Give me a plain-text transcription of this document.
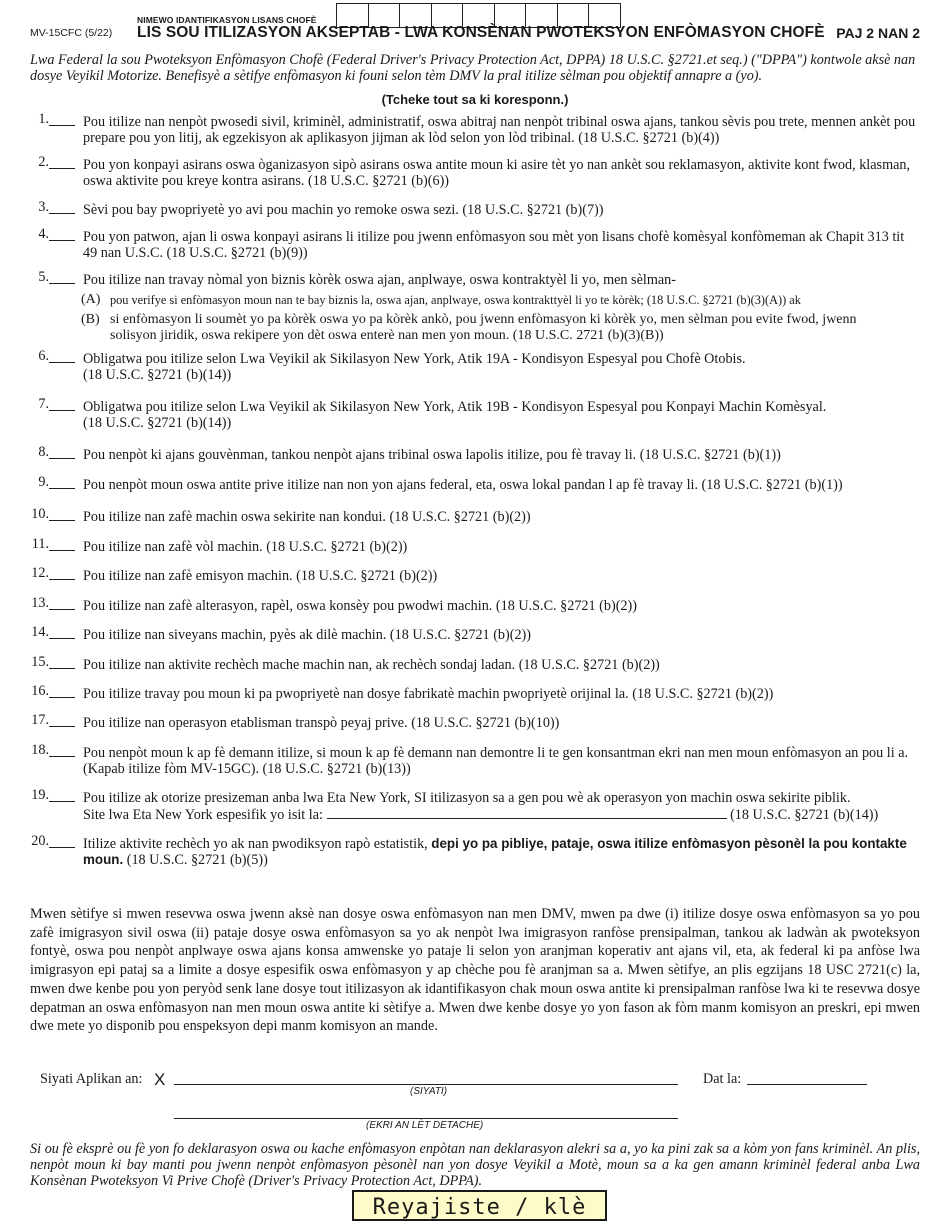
MV-15CFC (5/22)
NIMEWO IDANTIFIKASYON LISANS CHOFÈ
LIS SOU ITILIZASYON AKSEPTAB - LWA KONSÈNAN PWOTEKSYON ENFÒMASYON CHOFÈ PAJ 2 NAN 2
Lwa Federal la sou Pwoteksyon Enfòmasyon Chofè (Federal Driver's Privacy Protection Act, DPPA) 18 U.S.C. §2721.et seq.) ("DPPA") kontwole aksè nan dosye Veyikil Motorize. Benefisyè a sètifye enfòmasyon ki founi selon tèm DMV la pral itilize sèlman pou objektif annapre a (yo).
(Tcheke tout sa ki koresponn.)
1. Pou itilize nan nenpòt pwosedi sivil, kriminèl, administratif, oswa abitraj nan nenpòt tribinal oswa ajans, tankou sèvis pou trete, mennen ankèt pou prepare pou yon litij, ak egzekisyon ak aplikasyon jijman ak lòd selon yon lòd tribinal. (18 U.S.C. §2721 (b)(4))
2. Pou yon konpayi asirans oswa òganizasyon sipò asirans oswa antite moun ki asire tèt yo nan ankèt sou reklamasyon, aktivite kont fwod, klasman, oswa aktivite pou kreye kontra asirans. (18 U.S.C. §2721 (b)(6))
3. Sèvi pou bay pwopriyetè yo avi pou machin yo remoke oswa sezi. (18 U.S.C. §2721 (b)(7))
4. Pou yon patwon, ajan li oswa konpayi asirans li itilize pou jwenn enfòmasyon sou mèt yon lisans chofè komèsyal konfòmeman ak Chapit 313 tit 49 nan U.S.C. (18 U.S.C. §2721 (b)(9))
5. Pou itilize nan travay nòmal yon biznis kòrèk oswa ajan, anplwaye, oswa kontraktyèl li yo, men sèlman-
(A) pou verifye si enfòmasyon moun nan te bay biznis la, oswa ajan, anplwaye, oswa kontrakttyèl li yo te kòrèk; (18 U.S.C. §2721 (b)(3)(A)) ak
(B) si enfòmasyon li soumèt yo pa kòrèk oswa yo pa kòrèk ankò, pou jwenn enfòmasyon ki kòrèk yo, men sèlman pou evite fwod, jwenn solisyon jiridik, oswa rekipere yon dèt oswa enterè nan men yon moun. (18 U.S.C. 2721 (b)(3)(B))
6. Obligatwa pou itilize selon Lwa Veyikil ak Sikilasyon New York, Atik 19A - Kondisyon Espesyal pou Chofè Otobis.
(18 U.S.C. §2721 (b)(14))
7. Obligatwa pou itilize selon Lwa Veyikil ak Sikilasyon New York, Atik 19B - Kondisyon Espesyal pou Konpayi Machin Komèsyal.
(18 U.S.C. §2721 (b)(14))
8. Pou nenpòt ki ajans gouvènman, tankou nenpòt ajans tribinal oswa lapolis itilize, pou fè travay li. (18 U.S.C. §2721 (b)(1))
9. Pou nenpòt moun oswa antite prive itilize nan non yon ajans federal, eta, oswa lokal pandan l ap fè travay li. (18 U.S.C. §2721 (b)(1))
10. Pou itilize nan zafè machin oswa sekirite nan kondui. (18 U.S.C. §2721 (b)(2))
11. Pou itilize nan zafè vòl machin. (18 U.S.C. §2721 (b)(2))
12. Pou itilize nan zafè emisyon machin. (18 U.S.C. §2721 (b)(2))
13. Pou itilize nan zafè alterasyon, rapèl, oswa konsèy pou pwodwi machin. (18 U.S.C. §2721 (b)(2))
14. Pou itilize nan siveyans machin, pyès ak dilè machin. (18 U.S.C. §2721 (b)(2))
15. Pou itilize nan aktivite rechèch mache machin nan, ak rechèch sondaj ladan. (18 U.S.C. §2721 (b)(2))
16. Pou itilize travay pou moun ki pa pwopriyetè nan dosye fabrikatè machin pwopriyetè orijinal la. (18 U.S.C. §2721 (b)(2))
17. Pou itilize nan operasyon etablisman transpò peyaj prive. (18 U.S.C. §2721 (b)(10))
18. Pou nenpòt moun k ap fè demann itilize, si moun k ap fè demann nan demontre li te gen konsantman ekri nan men moun enfòmasyon an pou li a. (Kapab itilize fòm MV-15GC). (18 U.S.C. §2721 (b)(13))
19. Pou itilize ak otorize presizeman anba lwa Eta New York, SI itilizasyon sa a gen pou wè ak operasyon yon machin oswa sekirite piblik.
Site lwa Eta New York espesifik yo isit la:	(18 U.S.C. §2721 (b)(14))
20. Itilize aktivite rechèch yo ak nan pwodiksyon rapò estatistik, depi yo pa pibliye, pataje, oswa itilize enfòmasyon pèsonèl la pou kontakte moun. (18 U.S.C. §2721 (b)(5))
Mwen sètifye si mwen resevwa oswa jwenn aksè nan dosye oswa enfòmasyon nan men DMV, mwen pa dwe (i) itilize dosye oswa enfòmasyon sa yo pou zafè imigrasyon sivil oswa (ii) pataje dosye oswa enfòmasyon sa yo ak nenpòt lwa imigrasyon ranfòse prensipalman, tankou ak ladwàn ak pwoteksyon fontyè, oswa pou nenpòt anplwaye oswa ajans konsa amwenske yo pataje li selon yon aranjman koperativ ant ajans vil, eta, ak federal ki pa anfòse lwa imigrasyon epi pataj sa a limite a dosye espesifik oswa enfòmasyon y ap chèche pou fè aranjman sa a. Mwen sètifye, an plis egzijans 18 USC 2721(c) la, mwen dwe kenbe pou yon peryòd senk lane dosye tout itilizasyon ak idantifikasyon chak moun oswa antite ki prensipalman ranfòse lwa ki te resevwa dosye depatman an oswa enfòmasyon nan men moun oswa antite ki sètifye a. Mwen dwe kenbe dosye yo yon fason ak fòm manm komisyon an preskri, epi mwen dwe mete yo disponib pou enspeksyon depi manm komisyon an mande.
Siyati Aplikan an: X
(SIYATI)
Dat la:
(EKRI AN LÈT DETACHE)
Si ou fè eksprè ou fè yon fo deklarasyon oswa ou kache enfòmasyon enpòtan nan deklarasyon alekri sa a, yo ka pini zak sa a kòm yon fans kriminèl. An plis, nenpòt moun ki bay manti pou jwenn nenpòt enfòmasyon pèsonèl nan yon dosye Veyikil a Motè, moun sa a ka gen amann kriminèl federal anba Lwa Konsènan Pwoteksyon Vi Prive Chofè (Driver's Privacy Protection Act, DPPA).
Reyajiste / klè
